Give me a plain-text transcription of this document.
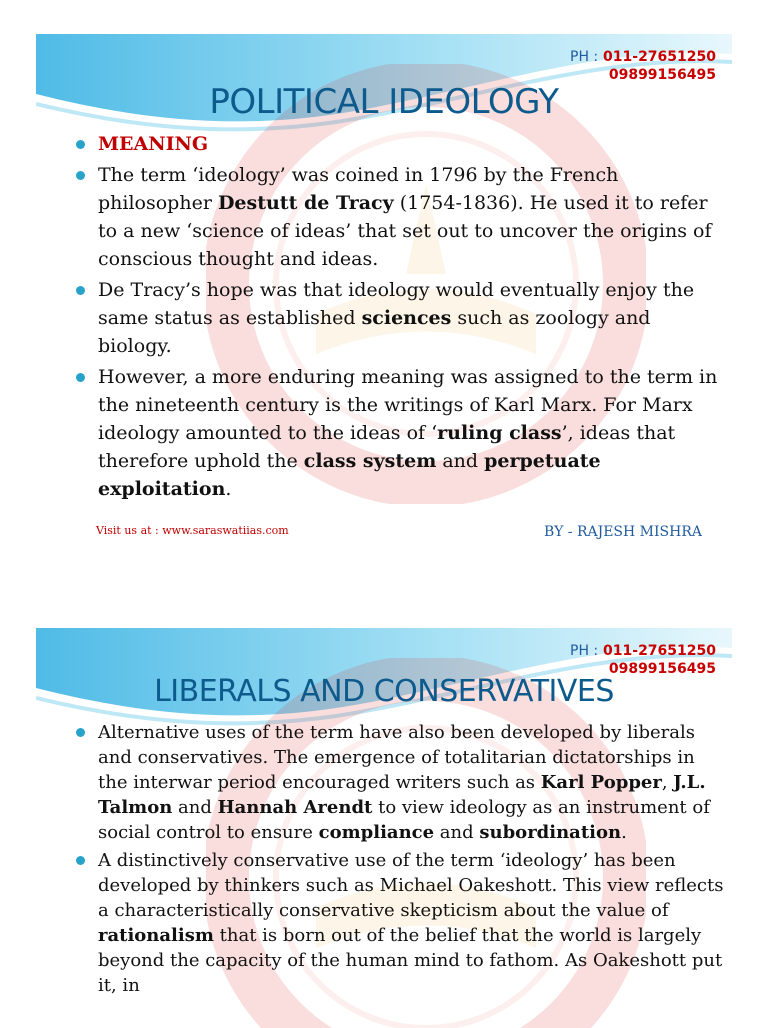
PH : 011-27651250
09899156495
POLITICAL IDEOLOGY
MEANING
The term ‘ideology’ was coined in 1796 by the French philosopher Destutt de Tracy (1754-1836). He used it to refer to a new ‘science of ideas’ that set out to uncover the origins of conscious thought and ideas.
De Tracy’s hope was that ideology would eventually enjoy the same status as established sciences such as zoology and biology.
However, a more enduring meaning was assigned to the term in the nineteenth century is the writings of Karl Marx. For Marx ideology amounted to the ideas of ‘ruling class’, ideas that therefore uphold the class system and perpetuate exploitation.
Visit us at : www.saraswatiias.com	BY - RAJESH MISHRA
PH : 011-27651250
09899156495
LIBERALS AND CONSERVATIVES
Alternative uses of the term have also been developed by liberals and conservatives. The emergence of totalitarian dictatorships in the interwar period encouraged writers such as Karl Popper, J.L. Talmon and Hannah Arendt to view ideology as an instrument of social control to ensure compliance and subordination.
A distinctively conservative use of the term ‘ideology’ has been developed by thinkers such as Michael Oakeshott. This view reflects a characteristically conservative skepticism about the value of rationalism that is born out of the belief that the world is largely beyond the capacity of the human mind to fathom. As Oakeshott put it, in
